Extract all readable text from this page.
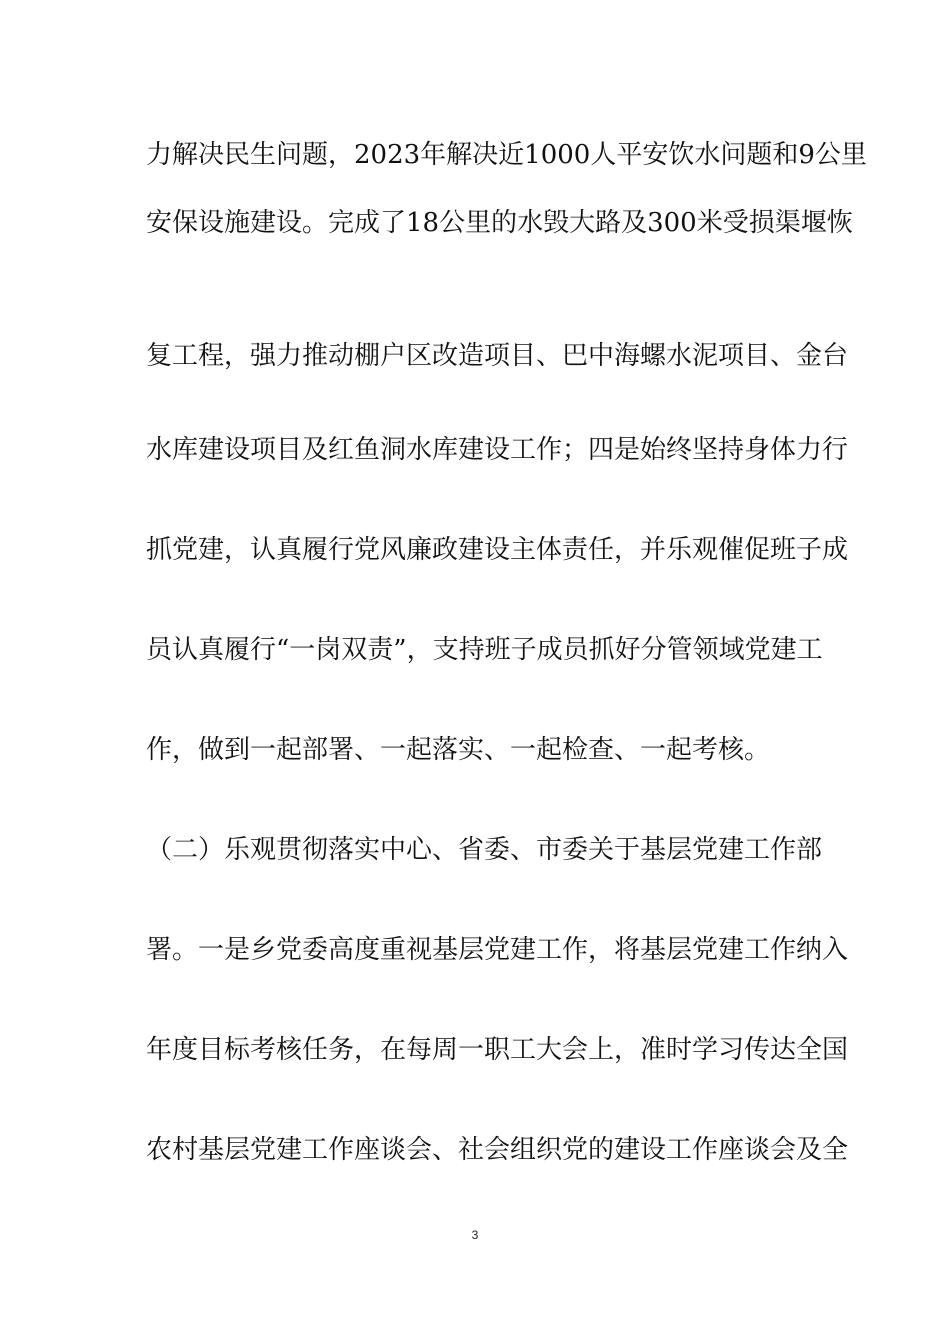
力解决民生问题，2023年解决近1000人平安饮水问题和9公里
安保设施建设。完成了18公里的水毁大路及300米受损渠堰恢
复工程，强力推动棚户区改造项目、巴中海螺水泥项目、金台
水库建设项目及红鱼洞水库建设工作；四是始终坚持身体力行
抓党建，认真履行党风廉政建设主体责任，并乐观催促班子成
员认真履行“一岗双责”，支持班子成员抓好分管领域党建工
作，做到一起部署、一起落实、一起检查、一起考核。
（二）乐观贯彻落实中心、省委、市委关于基层党建工作部
署。一是乡党委高度重视基层党建工作，将基层党建工作纳入
年度目标考核任务，在每周一职工大会上，准时学习传达全国
农村基层党建工作座谈会、社会组织党的建设工作座谈会及全
3
